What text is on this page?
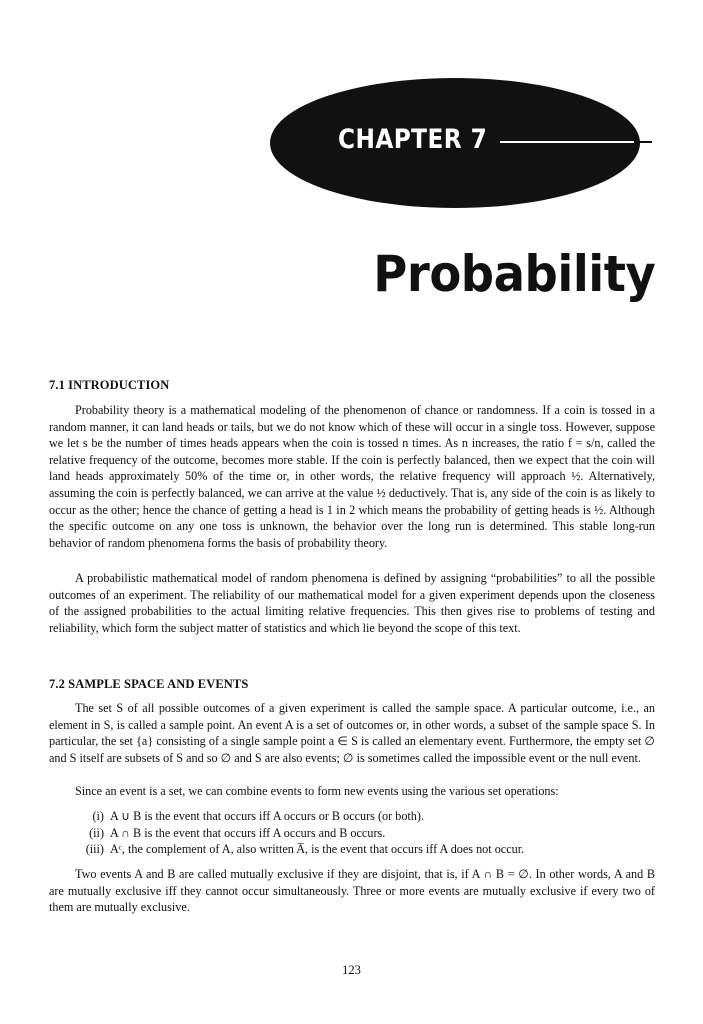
CHAPTER 7
Probability
7.1 INTRODUCTION
Probability theory is a mathematical modeling of the phenomenon of chance or randomness. If a coin is tossed in a random manner, it can land heads or tails, but we do not know which of these will occur in a single toss. However, suppose we let s be the number of times heads appears when the coin is tossed n times. As n increases, the ratio f = s/n, called the relative frequency of the outcome, becomes more stable. If the coin is perfectly balanced, then we expect that the coin will land heads approximately 50% of the time or, in other words, the relative frequency will approach ½. Alternatively, assuming the coin is perfectly balanced, we can arrive at the value ½ deductively. That is, any side of the coin is as likely to occur as the other; hence the chance of getting a head is 1 in 2 which means the probability of getting heads is ½. Although the specific outcome on any one toss is unknown, the behavior over the long run is determined. This stable long-run behavior of random phenomena forms the basis of probability theory.
A probabilistic mathematical model of random phenomena is defined by assigning “probabilities” to all the possible outcomes of an experiment. The reliability of our mathematical model for a given experiment depends upon the closeness of the assigned probabilities to the actual limiting relative frequencies. This then gives rise to problems of testing and reliability, which form the subject matter of statistics and which lie beyond the scope of this text.
7.2 SAMPLE SPACE AND EVENTS
The set S of all possible outcomes of a given experiment is called the sample space. A particular outcome, i.e., an element in S, is called a sample point. An event A is a set of outcomes or, in other words, a subset of the sample space S. In particular, the set {a} consisting of a single sample point a ∈ S is called an elementary event. Furthermore, the empty set ∅ and S itself are subsets of S and so ∅ and S are also events; ∅ is sometimes called the impossible event or the null event.
Since an event is a set, we can combine events to form new events using the various set operations:
(i) A ∪ B is the event that occurs iff A occurs or B occurs (or both).
(ii) A ∩ B is the event that occurs iff A occurs and B occurs.
(iii) Aᶜ, the complement of A, also written A̅, is the event that occurs iff A does not occur.
Two events A and B are called mutually exclusive if they are disjoint, that is, if A ∩ B = ∅. In other words, A and B are mutually exclusive iff they cannot occur simultaneously. Three or more events are mutually exclusive if every two of them are mutually exclusive.
123
